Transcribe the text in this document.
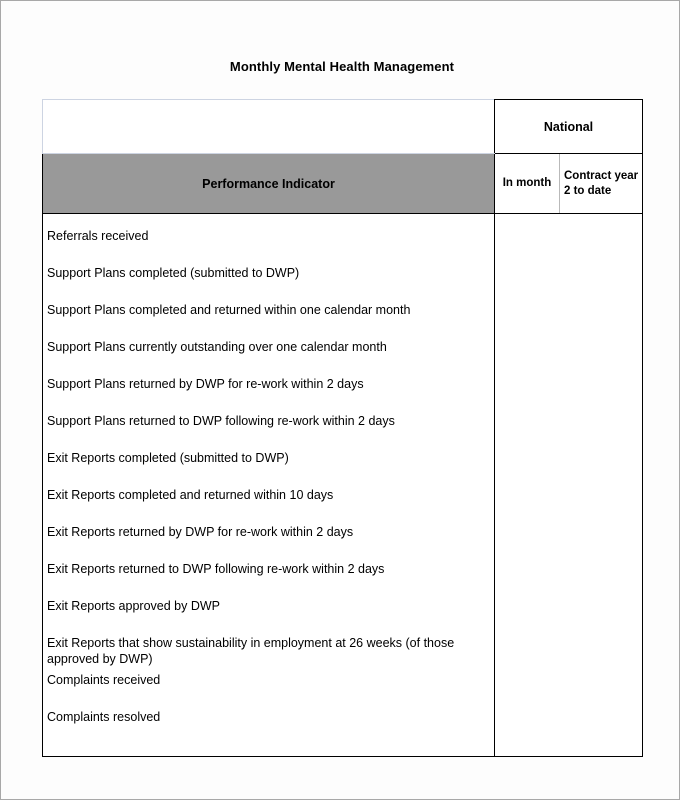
Monthly Mental Health Management
	National	
Performance Indicator	In month	Contract year 2 to date

Referrals received
Support Plans completed (submitted to DWP)
Support Plans completed and returned within one calendar month
Support Plans currently outstanding over one calendar month
Support Plans returned by DWP for re-work within 2 days
Support Plans returned to DWP following re-work within 2 days
Exit Reports completed (submitted to DWP)
Exit Reports completed and returned within 10 days
Exit Reports returned by DWP for re-work within 2 days
Exit Reports returned to DWP following re-work within 2 days
Exit Reports approved by DWP
Exit Reports that show sustainability in employment at 26 weeks (of those approved by DWP)
Complaints received
Complaints resolved
